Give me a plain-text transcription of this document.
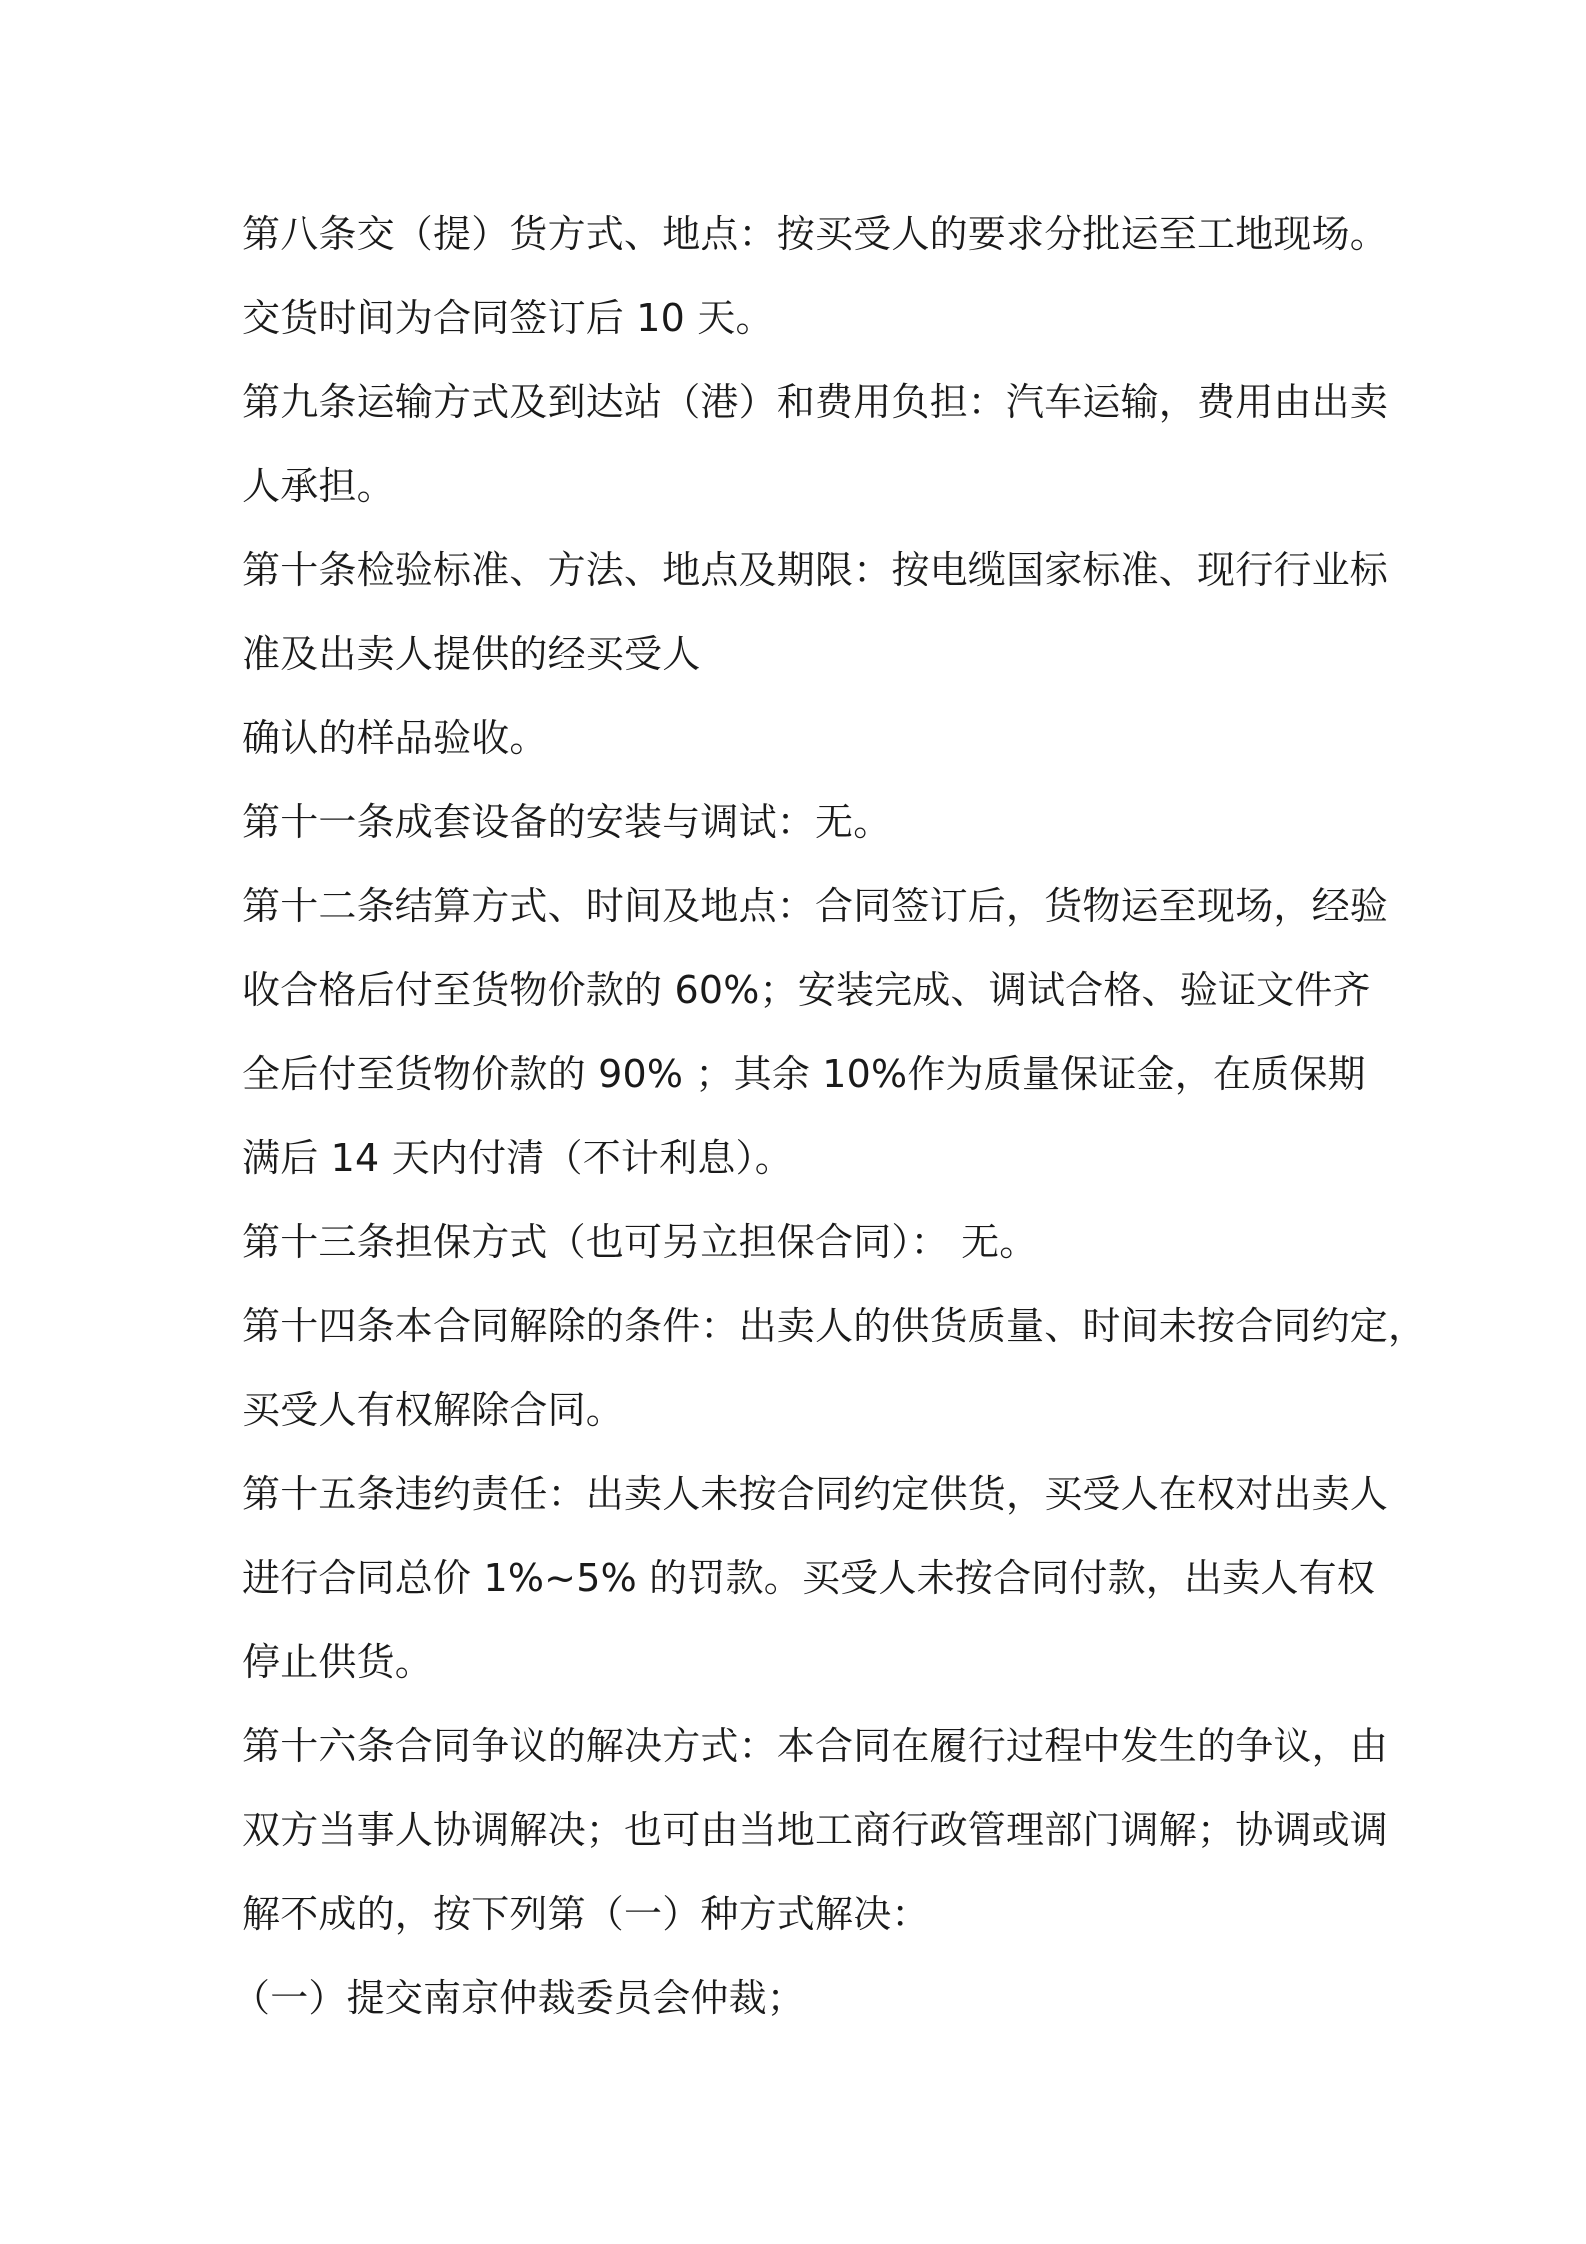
第八条交（提）货方式、地点：按买受人的要求分批运至工地现场。
交货时间为合同签订后 10 天。
第九条运输方式及到达站（港）和费用负担：汽车运输，费用由出卖
人承担。
第十条检验标准、方法、地点及期限：按电缆国家标准、现行行业标
准及出卖人提供的经买受人
确认的样品验收。
第十一条成套设备的安装与调试：无。
第十二条结算方式、时间及地点：合同签订后，货物运至现场，经验
收合格后付至货物价款的 60%；安装完成、调试合格、验证文件齐
全后付至货物价款的 90% ；其余 10%作为质量保证金，在质保期
满后 14 天内付清（不计利息）。
第十三条担保方式（也可另立担保合同）： 无。
第十四条本合同解除的条件：出卖人的供货质量、时间未按合同约定，
买受人有权解除合同。
第十五条违约责任：出卖人未按合同约定供货，买受人在权对出卖人
进行合同总价 1%~5% 的罚款。买受人未按合同付款，出卖人有权
停止供货。
第十六条合同争议的解决方式：本合同在履行过程中发生的争议，由
双方当事人协调解决；也可由当地工商行政管理部门调解；协调或调
解不成的，按下列第（一）种方式解决：
（一）提交南京仲裁委员会仲裁；
